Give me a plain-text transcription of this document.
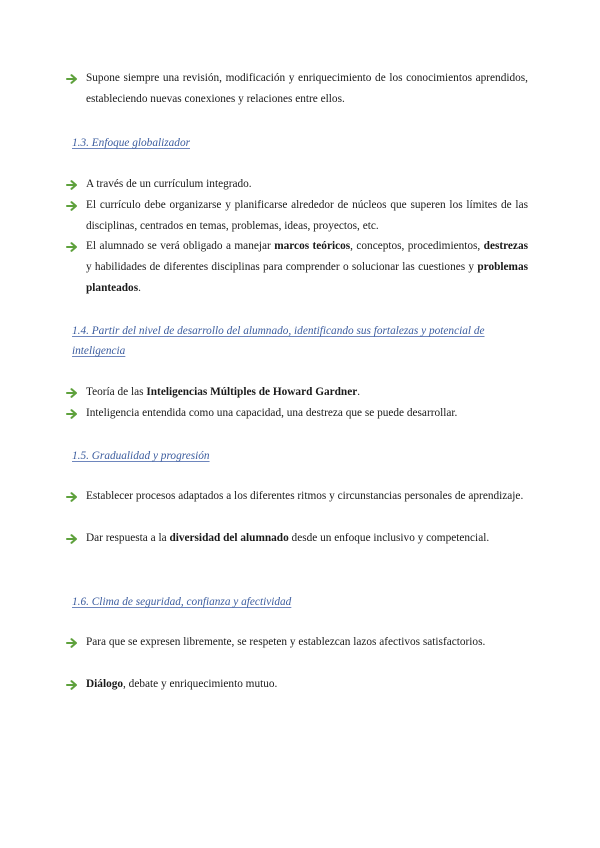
Supone siempre una revisión, modificación y enriquecimiento de los conocimientos aprendidos, estableciendo nuevas conexiones y relaciones entre ellos.
1.3. Enfoque globalizador
A través de un currículum integrado.
El currículo debe organizarse y planificarse alrededor de núcleos que superen los límites de las disciplinas, centrados en temas, problemas, ideas, proyectos, etc.
El alumnado se verá obligado a manejar marcos teóricos, conceptos, procedimientos, destrezas y habilidades de diferentes disciplinas para comprender o solucionar las cuestiones y problemas planteados.
1.4. Partir del nivel de desarrollo del alumnado, identificando sus fortalezas y potencial de inteligencia
Teoría de las Inteligencias Múltiples de Howard Gardner.
Inteligencia entendida como una capacidad, una destreza que se puede desarrollar.
1.5. Gradualidad y progresión
Establecer procesos adaptados a los diferentes ritmos y circunstancias personales de aprendizaje.
Dar respuesta a la diversidad del alumnado desde un enfoque inclusivo y competencial.
1.6. Clima de seguridad, confianza y afectividad
Para que se expresen libremente, se respeten y establezcan lazos afectivos satisfactorios.
Diálogo, debate y enriquecimiento mutuo.
